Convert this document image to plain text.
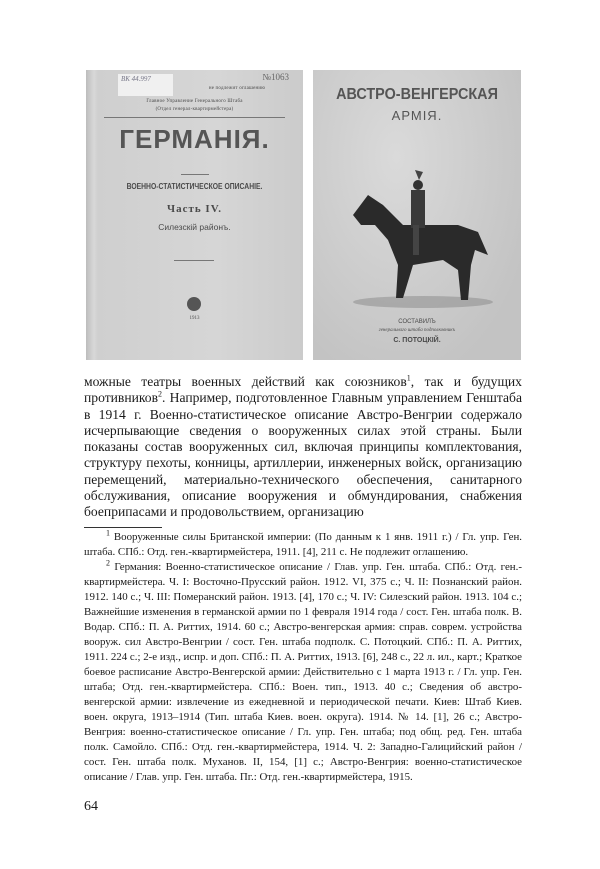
ВК 44.997	№1063
не подлежит оглашению
Главное Управление Генерального Штаба
(Отдел генерал-квартирмейстера)
ГЕРМАНІЯ.
ВОЕННО-СТАТИСТИЧЕСКОЕ ОПИСАНІЕ.
Часть IV.
Силезскій районъ.
1913
АВСТРО-ВЕНГЕРСКАЯ
АРМІЯ.
СОСТАВИЛЪ
генеральнаго штаба подполковникъ
С. ПОТОЦКІЙ.

можные театры военных действий как союзников$^1$, так и будущих противников$^2$. Например, подготовленное Главным управлением Генштаба в 1914 г. Военно-статистическое описание Австро-Венгрии содержало исчерпывающие сведения о вооруженных силах этой страны. Были показаны состав вооруженных сил, включая принципы комплектования, структуру пехоты, конницы, артиллерии, инженерных войск, организацию перемещений, материально-технического обеспечения, санитарного обслуживания, описание вооружения и обмундирования, снабжения боеприпасами и продовольствием, организацию

$^1$ Вооруженные силы Британской империи: (По данным к 1 янв. 1911 г.) / Гл. упр. Ген. штаба. СПб.: Отд. ген.-квартирмейстера, 1911. [4], 211 с. Не подлежит оглашению.

$^2$ Германия: Военно-статистическое описание / Глав. упр. Ген. штаба. СПб.: Отд. ген.-квартирмейстера. Ч. I: Восточно-Прусский район. 1912. VI, 375 с.; Ч. II: Познанский район. 1912. 140 с.; Ч. III: Померанский район. 1913. [4], 170 с.; Ч. IV: Силезский район. 1913. 104 с.; Важнейшие изменения в германской армии по 1 февраля 1914 года / сост. Ген. штаба полк. В. Водар. СПб.: П. А. Риттих, 1914. 60 с.; Австро-венгерская армия: справ. соврем. устройства вооруж. сил Австро-Венгрии / сост. Ген. штаба подполк. С. Потоцкий. СПб.: П. А. Риттих, 1911. 224 с.; 2-е изд., испр. и доп. СПб.: П. А. Риттих, 1913. [6], 248 с., 22 л. ил., карт.; Краткое боевое расписание Австро-Венгерской армии: Действительно с 1 марта 1913 г. / Гл. упр. Ген. штаба; Отд. ген.-квартирмейстера. СПб.: Воен. тип., 1913. 40 с.; Сведения об австро-венгерской армии: извлечение из ежедневной и периодической печати. Киев: Штаб Киев. воен. округа, 1913–1914 (Тип. штаба Киев. воен. округа). 1914. № 14. [1], 26 с.; Австро-Венгрия: военно-статистическое описание / Гл. упр. Ген. штаба; под общ. ред. Ген. штаба полк. Самойло. СПб.: Отд. ген.-квартирмейстера, 1914. Ч. 2: Западно-Галицийский район / сост. Ген. штаба полк. Муханов. II, 154, [1] с.; Австро-Венгрия: военно-статистическое описание / Глав. упр. Ген. штаба. Пг.: Отд. ген.-квартирмейстера, 1915.

64
